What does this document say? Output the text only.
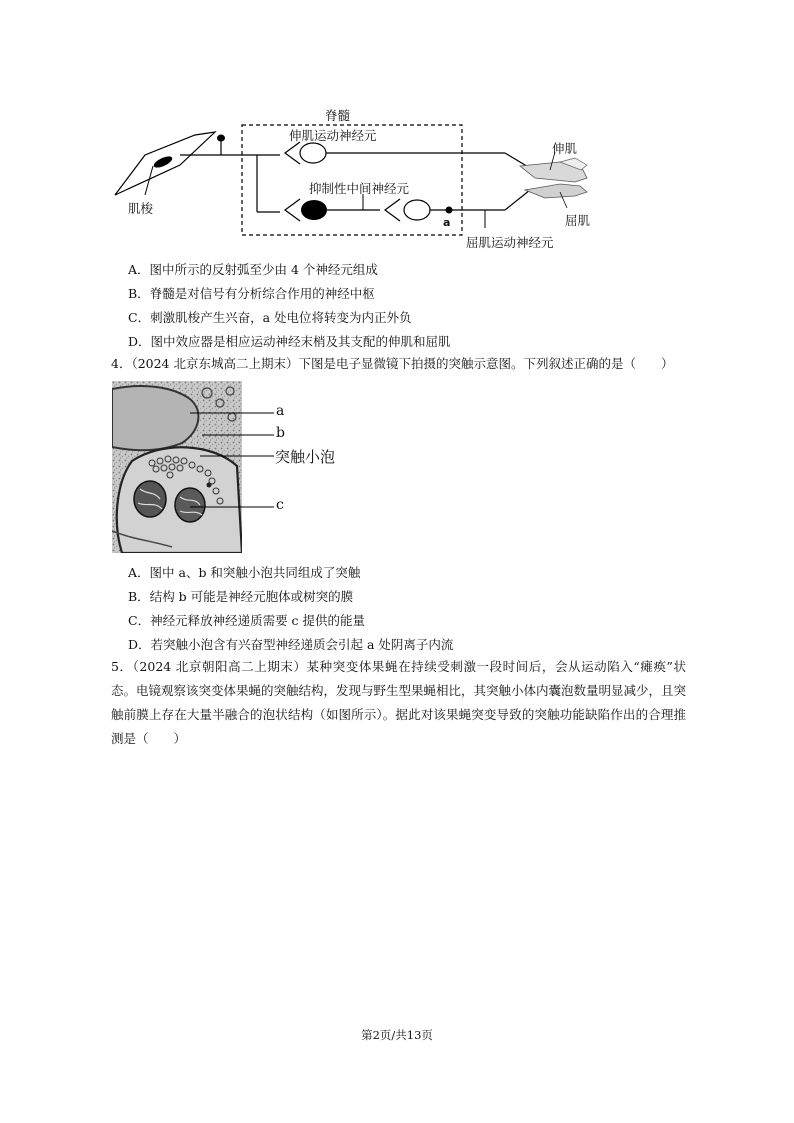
脊髓
伸肌运动神经元
抑制性中间神经元
肌梭
伸肌
屈肌
屈肌运动神经元
a
A．图中所示的反射弧至少由 4 个神经元组成
B．脊髓是对信号有分析综合作用的神经中枢
C．刺激肌梭产生兴奋，a 处电位将转变为内正外负
D．图中效应器是相应运动神经末梢及其支配的伸肌和屈肌
4．（2024 北京东城高二上期末）下图是电子显微镜下拍摄的突触示意图。下列叙述正确的是（　　）
a
b
突触小泡
c
A．图中 a、b 和突触小泡共同组成了突触
B．结构 b 可能是神经元胞体或树突的膜
C．神经元释放神经递质需要 c 提供的能量
D．若突触小泡含有兴奋型神经递质会引起 a 处阴离子内流
5．（2024 北京朝阳高二上期末）某种突变体果蝇在持续受刺激一段时间后，会从运动陷入“瘫痪”状态。电镜观察该突变体果蝇的突触结构，发现与野生型果蝇相比，其突触小体内囊泡数量明显减少，且突触前膜上存在大量半融合的泡状结构（如图所示）。据此对该果蝇突变导致的突触功能缺陷作出的合理推测是（　　）
第2页/共13页
